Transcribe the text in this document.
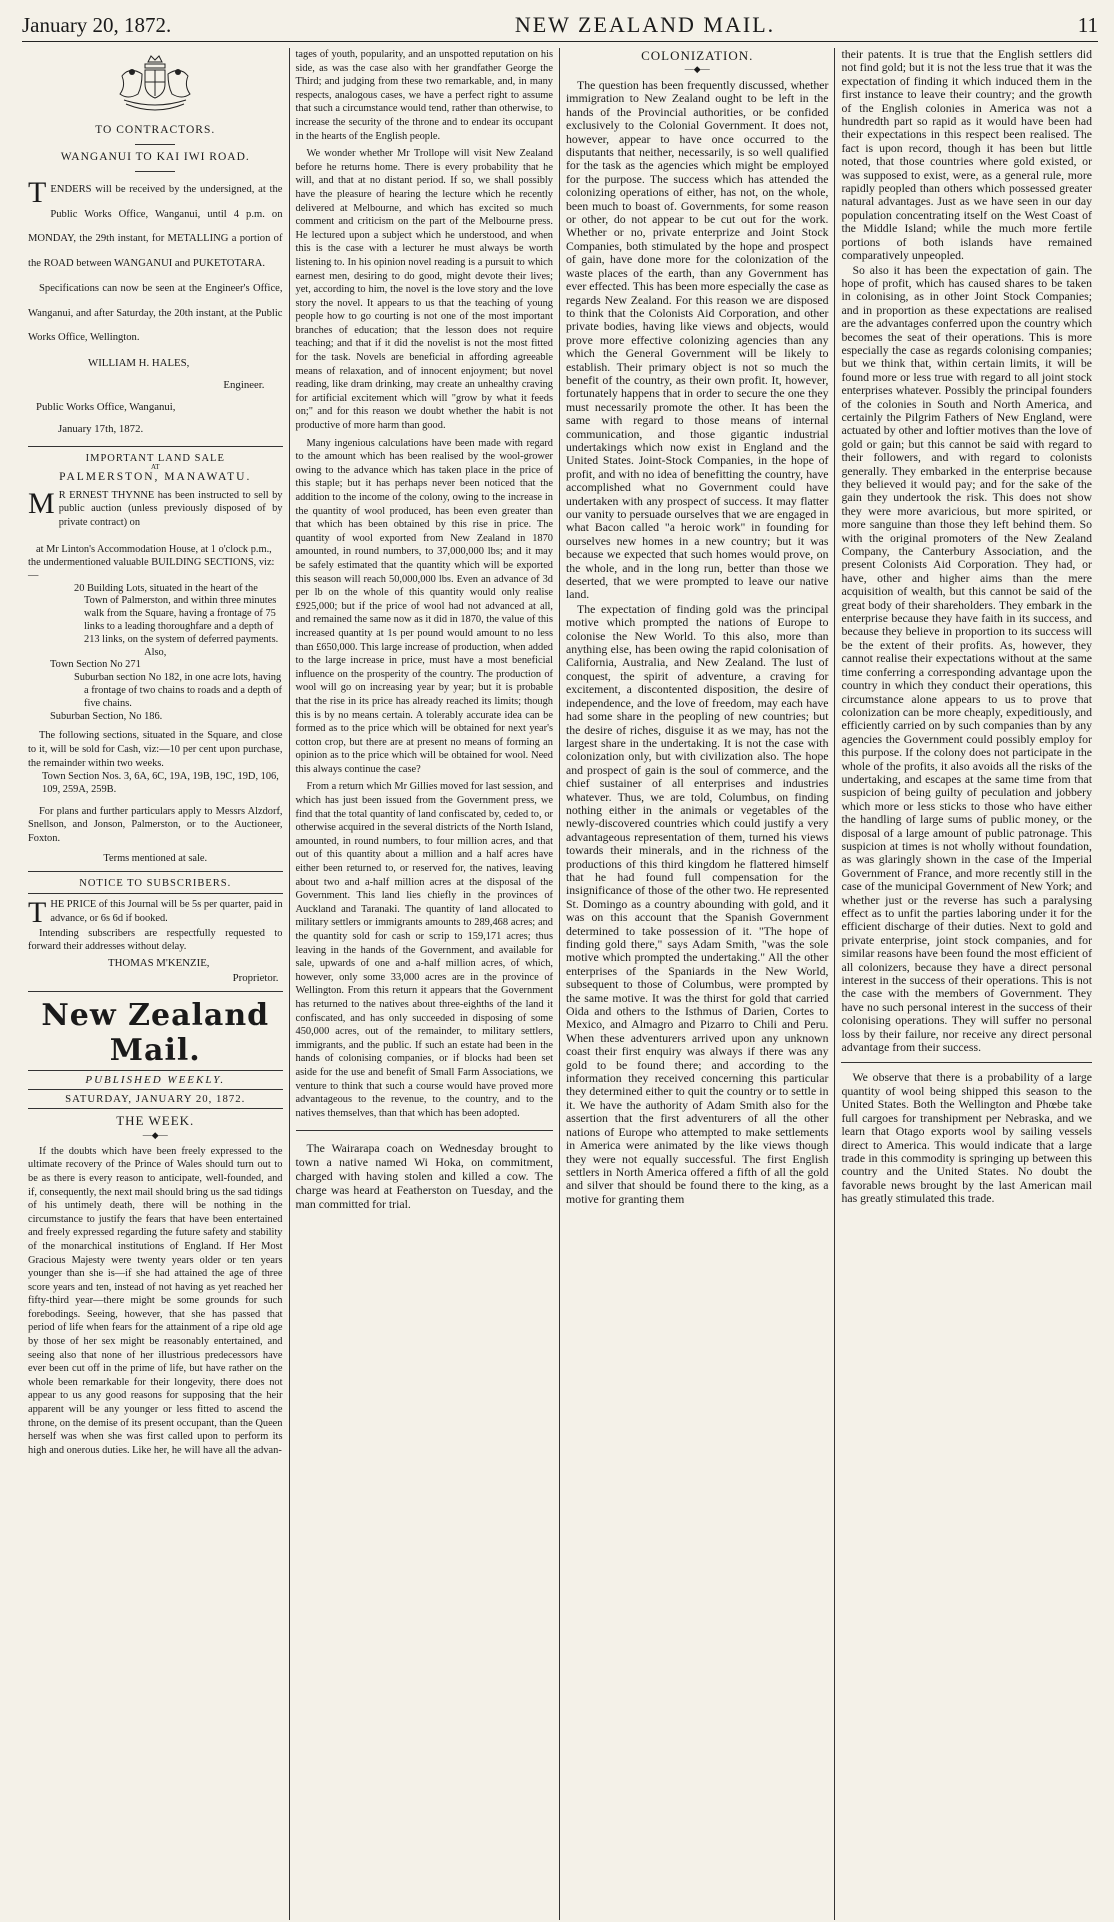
January 20, 1872.	NEW ZEALAND MAIL.	11
TO CONTRACTORS.
WANGANUI TO KAI IWI ROAD.

TENDERS will be received by the undersigned, at the Public Works Office, Wanganui, until 4 p.m. on MONDAY, the 29th instant, for METALLING a portion of the ROAD between WANGANUI and PUKETOTARA.

Specifications can now be seen at the Engineer's Office, Wanganui, and after Saturday, the 20th instant, at the Public Works Office, Wellington.

WILLIAM H. HALES,
Engineer.
Public Works Office, Wanganui,
January 17th, 1872.
IMPORTANT LAND SALE
AT
PALMERSTON, MANAWATU.

M R ERNEST THYNNE has been instructed to sell by public auction (unless previously disposed of by private contract) on

at Mr Linton's Accommodation House, at 1 o'clock p.m., the undermentioned valuable BUILDING SECTIONS, viz:—
20 Building Lots, situated in the heart of the Town of Palmerston, and within three minutes walk from the Square, having a frontage of 75 links to a leading thoroughfare and a depth of 213 links, on the system of deferred payments.
Also,
Town Section No 271
Suburban section No 182, in one acre lots, having a frontage of two chains to roads and a depth of five chains.
Suburban Section, No 186.

The following sections, situated in the Square, and close to it, will be sold for Cash, viz:—10 per cent upon purchase, the remainder within two weeks.

Town Section Nos. 3, 6A, 6C, 19A, 19B, 19C, 19D, 106, 109, 259A, 259B.

For plans and further particulars apply to Messrs Alzdorf, Snellson, and Jonson, Palmerston, or to the Auctioneer, Foxton.

Terms mentioned at sale.
NOTICE TO SUBSCRIBERS.

THE PRICE of this Journal will be 5s per quarter, paid in advance, or 6s 6d if booked.

Intending subscribers are respectfully requested to forward their addresses without delay.

THOMAS M'KENZIE,
Proprietor.
New Zealand Mail.
PUBLISHED WEEKLY.
SATURDAY, JANUARY 20, 1872.
THE WEEK.
—◆—

If the doubts which have been freely expressed to the ultimate recovery of the Prince of Wales should turn out to be as there is every reason to anticipate, well-founded, and if, consequently, the next mail should bring us the sad tidings of his untimely death, there will be nothing in the circumstance to justify the fears that have been entertained and freely expressed regarding the future safety and stability of the monarchical institutions of England. If Her Most Gracious Majesty were twenty years older or ten years younger than she is—if she had attained the age of three score years and ten, instead of not having as yet reached her fifty-third year—there might be some grounds for such forebodings. Seeing, however, that she has passed that period of life when fears for the attainment of a ripe old age by those of her sex might be reasonably entertained, and seeing also that none of her illustrious predecessors have ever been cut off in the prime of life, but have rather on the whole been remarkable for their longevity, there does not appear to us any good reasons for supposing that the heir apparent will be any younger or less fitted to ascend the throne, on the demise of its present occupant, than the Queen herself was when she was first called upon to perform its high and onerous duties. Like her, he will have all the advan-

tages of youth, popularity, and an unspotted reputation on his side, as was the case also with her grandfather George the Third; and judging from these two remarkable, and, in many respects, analogous cases, we have a perfect right to assume that such a circumstance would tend, rather than otherwise, to increase the security of the throne and to endear its occupant in the hearts of the English people.

We wonder whether Mr Trollope will visit New Zealand before he returns home. There is every probability that he will, and that at no distant period. If so, we shall possibly have the pleasure of hearing the lecture which he recently delivered at Melbourne, and which has excited so much comment and criticism on the part of the Melbourne press. He lectured upon a subject which he understood, and when this is the case with a lecturer he must always be worth listening to. In his opinion novel reading is a pursuit to which earnest men, desiring to do good, might devote their lives; yet, according to him, the novel is the love story and the love story the novel. It appears to us that the teaching of young people how to go courting is not one of the most important branches of education; that the lesson does not require teaching; and that if it did the novelist is not the most fitted for the task. Novels are beneficial in affording agreeable means of relaxation, and of innocent enjoyment; but novel reading, like dram drinking, may create an unhealthy craving for artificial excitement which will "grow by what it feeds on;" and for this reason we doubt whether the habit is not productive of more harm than good.

Many ingenious calculations have been made with regard to the amount which has been realised by the wool-grower owing to the advance which has taken place in the price of this staple; but it has perhaps never been noticed that the addition to the income of the colony, owing to the increase in the quantity of wool produced, has been even greater than that which has been obtained by this rise in price. The quantity of wool exported from New Zealand in 1870 amounted, in round numbers, to 37,000,000 lbs; and it may be safely estimated that the quantity which will be exported this season will reach 50,000,000 lbs. Even an advance of 3d per lb on the whole of this quantity would only realise £925,000; but if the price of wool had not advanced at all, and remained the same now as it did in 1870, the value of this increased quantity at 1s per pound would amount to no less than £650,000. This large increase of production, when added to the large increase in price, must have a most beneficial influence on the prosperity of the country. The production of wool will go on increasing year by year; but it is probable that the rise in its price has already reached its limits; though this is by no means certain. A tolerably accurate idea can be formed as to the price which will be obtained for next year's cotton crop, but there are at present no means of forming an opinion as to the price which will be obtained for wool. Need this always continue the case?

From a return which Mr Gillies moved for last session, and which has just been issued from the Government press, we find that the total quantity of land confiscated by, ceded to, or otherwise acquired in the several districts of the North Island, amounted, in round numbers, to four million acres, and that out of this quantity about a million and a half acres have either been returned to, or reserved for, the natives, leaving about two and a-half million acres at the disposal of the Government. This land lies chiefly in the provinces of Auckland and Taranaki. The quantity of land allocated to military settlers or immigrants amounts to 289,468 acres; and the quantity sold for cash or scrip to 159,171 acres; thus leaving in the hands of the Government, and available for sale, upwards of one and a-half million acres, of which, however, only some 33,000 acres are in the province of Wellington. From this return it appears that the Government has returned to the natives about three-eighths of the land it confiscated, and has only succeeded in disposing of some 450,000 acres, out of the remainder, to military settlers, immigrants, and the public. If such an estate had been in the hands of colonising companies, or if blocks had been set aside for the use and benefit of Small Farm Associations, we venture to think that such a course would have proved more advantageous to the revenue, to the country, and to the natives themselves, than that which has been adopted.

The Wairarapa coach on Wednesday brought to town a native named Wi Hoka, on commitment, charged with having stolen and killed a cow. The charge was heard at Featherston on Tuesday, and the man committed for trial.

COLONIZATION.
—◆—

The question has been frequently discussed, whether immigration to New Zealand ought to be left in the hands of the Provincial authorities, or be confided exclusively to the Colonial Government. It does not, however, appear to have once occurred to the disputants that neither, necessarily, is so well qualified for the task as the agencies which might be employed for the purpose. The success which has attended the colonizing operations of either, has not, on the whole, been much to boast of. Governments, for some reason or other, do not appear to be cut out for the work. Whether or no, private enterprize and Joint Stock Companies, both stimulated by the hope and prospect of gain, have done more for the colonization of the waste places of the earth, than any Government has ever effected. This has been more especially the case as regards New Zealand. For this reason we are disposed to think that the Colonists Aid Corporation, and other private bodies, having like views and objects, would prove more effective colonizing agencies than any which the General Government will be likely to establish. Their primary object is not so much the benefit of the country, as their own profit. It, however, fortunately happens that in order to secure the one they must necessarily promote the other. It has been the same with regard to those means of internal communication, and those gigantic industrial undertakings which now exist in England and the United States. Joint-Stock Companies, in the hope of profit, and with no idea of benefitting the country, have accomplished what no Government could have undertaken with any prospect of success. It may flatter our vanity to persuade ourselves that we are engaged in what Bacon called "a heroic work" in founding for ourselves new homes in a new country; but it was because we expected that such homes would prove, on the whole, and in the long run, better than those we deserted, that we were prompted to leave our native land.

The expectation of finding gold was the principal motive which prompted the nations of Europe to colonise the New World. To this also, more than anything else, has been owing the rapid colonisation of California, Australia, and New Zealand. The lust of conquest, the spirit of adventure, a craving for excitement, a discontented disposition, the desire of independence, and the love of freedom, may each have had some share in the peopling of new countries; but the desire of riches, disguise it as we may, has not the largest share in the undertaking. It is not the case with colonization only, but with civilization also. The hope and prospect of gain is the soul of commerce, and the chief sustainer of all enterprises and industries whatever. Thus, we are told, Columbus, on finding nothing either in the animals or vegetables of the newly-discovered countries which could justify a very advantageous representation of them, turned his views towards their minerals, and in the richness of the productions of this third kingdom he flattered himself that he had found full compensation for the insignificance of those of the other two. He represented St. Domingo as a country abounding with gold, and it was on this account that the Spanish Government determined to take possession of it. "The hope of finding gold there," says Adam Smith, "was the sole motive which prompted the undertaking." All the other enterprises of the Spaniards in the New World, subsequent to those of Columbus, were prompted by the same motive. It was the thirst for gold that carried Oida and others to the Isthmus of Darien, Cortes to Mexico, and Almagro and Pizarro to Chili and Peru. When these adventurers arrived upon any unknown coast their first enquiry was always if there was any gold to be found there; and according to the information they received concerning this particular they determined either to quit the country or to settle in it. We have the authority of Adam Smith also for the assertion that the first adventurers of all the other nations of Europe who attempted to make settlements in America were animated by the like views though they were not equally successful. The first English settlers in North America offered a fifth of all the gold and silver that should be found there to the king, as a motive for granting them

their patents. It is true that the English settlers did not find gold; but it is not the less true that it was the expectation of finding it which induced them in the first instance to leave their country; and the growth of the English colonies in America was not a hundredth part so rapid as it would have been had their expectations in this respect been realised. The fact is upon record, though it has been but little noted, that those countries where gold existed, or was supposed to exist, were, as a general rule, more rapidly peopled than others which possessed greater natural advantages. Just as we have seen in our day population concentrating itself on the West Coast of the Middle Island; while the much more fertile portions of both islands have remained comparatively unpeopled.

So also it has been the expectation of gain. The hope of profit, which has caused shares to be taken in colonising, as in other Joint Stock Companies; and in proportion as these expectations are realised are the advantages conferred upon the country which becomes the seat of their operations. This is more especially the case as regards colonising companies; but we think that, within certain limits, it will be found more or less true with regard to all joint stock enterprises whatever. Possibly the principal founders of the colonies in South and North America, and certainly the Pilgrim Fathers of New England, were actuated by other and loftier motives than the love of gold or gain; but this cannot be said with regard to their followers, and with regard to colonists generally. They embarked in the enterprise because they believed it would pay; and for the sake of the gain they undertook the risk. This does not show they were more avaricious, but more spirited, or more sanguine than those they left behind them. So with the original promoters of the New Zealand Company, the Canterbury Association, and the present Colonists Aid Corporation. They had, or have, other and higher aims than the mere acquisition of wealth, but this cannot be said of the great body of their shareholders. They embark in the enterprise because they have faith in its success, and because they believe in proportion to its success will be the extent of their profits. As, however, they cannot realise their expectations without at the same time conferring a corresponding advantage upon the country in which they conduct their operations, this circumstance alone appears to us to prove that colonization can be more cheaply, expeditiously, and efficiently carried on by such companies than by any agencies the Government could possibly employ for this purpose. If the colony does not participate in the whole of the profits, it also avoids all the risks of the undertaking, and escapes at the same time from that suspicion of being guilty of peculation and jobbery which more or less sticks to those who have either the handling of large sums of public money, or the disposal of a large amount of public patronage. This suspicion at times is not wholly without foundation, as was glaringly shown in the case of the Imperial Government of France, and more recently still in the case of the municipal Government of New York; and whether just or the reverse has such a paralysing effect as to unfit the parties laboring under it for the efficient discharge of their duties. Next to gold and private enterprise, joint stock companies, and for similar reasons have been found the most efficient of all colonizers, because they have a direct personal interest in the success of their operations. This is not the case with the members of Government. They have no such personal interest in the success of their colonising operations. They will suffer no personal loss by their failure, nor receive any direct personal advantage from their success.

We observe that there is a probability of a large quantity of wool being shipped this season to the United States. Both the Wellington and Phœbe take full cargoes for transhipment per Nebraska, and we learn that Otago exports wool by sailing vessels direct to America. This would indicate that a large trade in this commodity is springing up between this country and the United States. No doubt the favorable news brought by the last American mail has greatly stimulated this trade.
